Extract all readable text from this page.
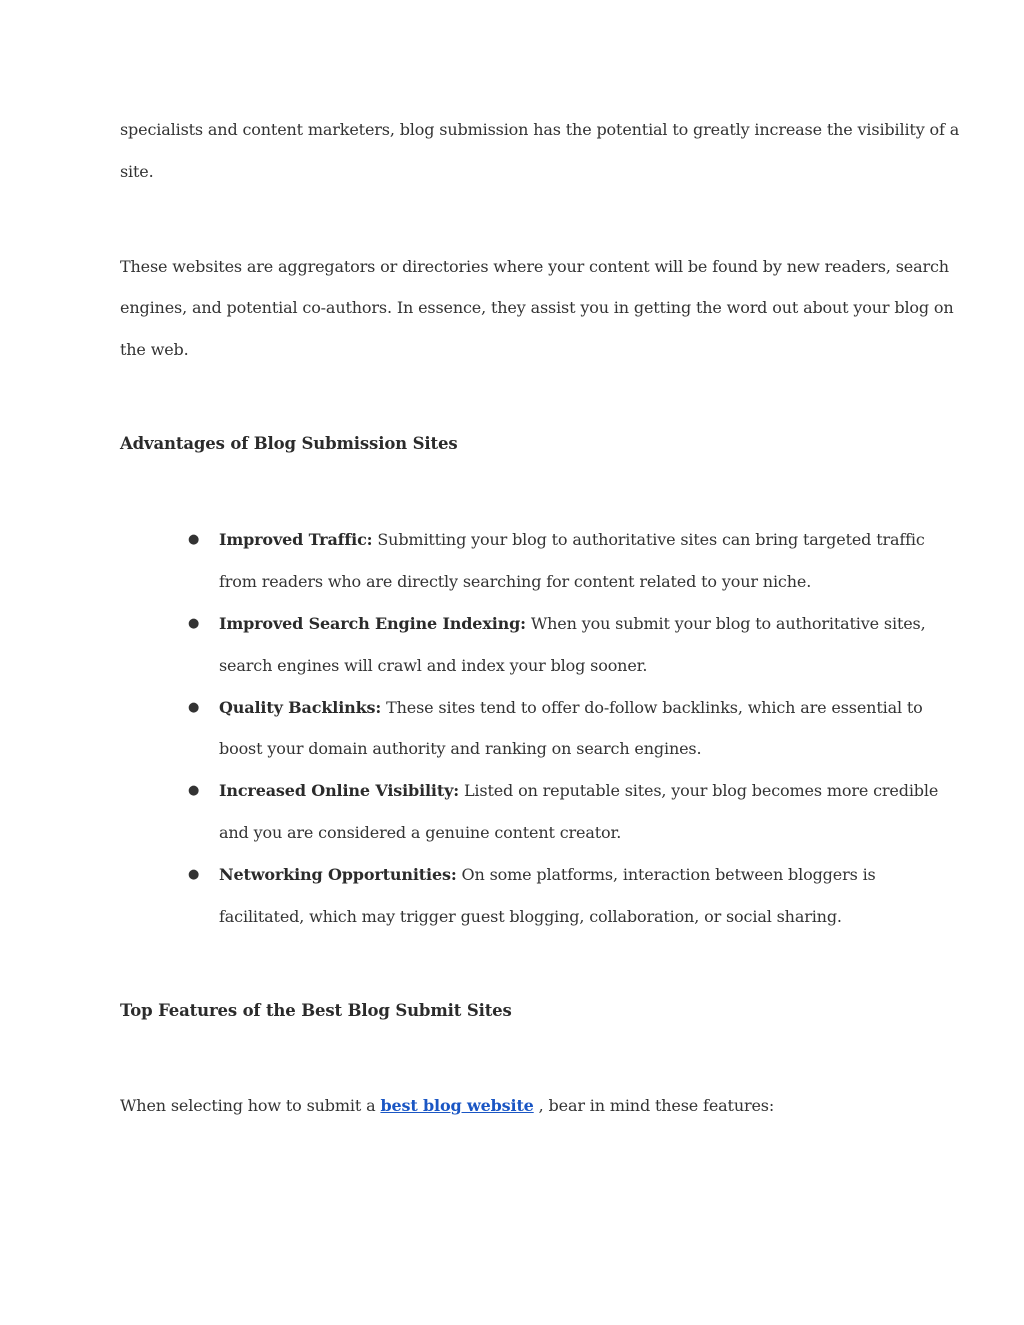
specialists and content marketers, blog submission has the potential to greatly increase the visibility of a
site.
These websites are aggregators or directories where your content will be found by new readers, search
engines, and potential co-authors. In essence, they assist you in getting the word out about your blog on
the web.
Advantages of Blog Submission Sites
● Improved Traffic: Submitting your blog to authoritative sites can bring targeted traffic
from readers who are directly searching for content related to your niche.
● Improved Search Engine Indexing: When you submit your blog to authoritative sites,
search engines will crawl and index your blog sooner.
● Quality Backlinks: These sites tend to offer do-follow backlinks, which are essential to
boost your domain authority and ranking on search engines.
● Increased Online Visibility: Listed on reputable sites, your blog becomes more credible
and you are considered a genuine content creator.
● Networking Opportunities: On some platforms, interaction between bloggers is
facilitated, which may trigger guest blogging, collaboration, or social sharing.
Top Features of the Best Blog Submit Sites
When selecting how to submit a best blog website , bear in mind these features:
